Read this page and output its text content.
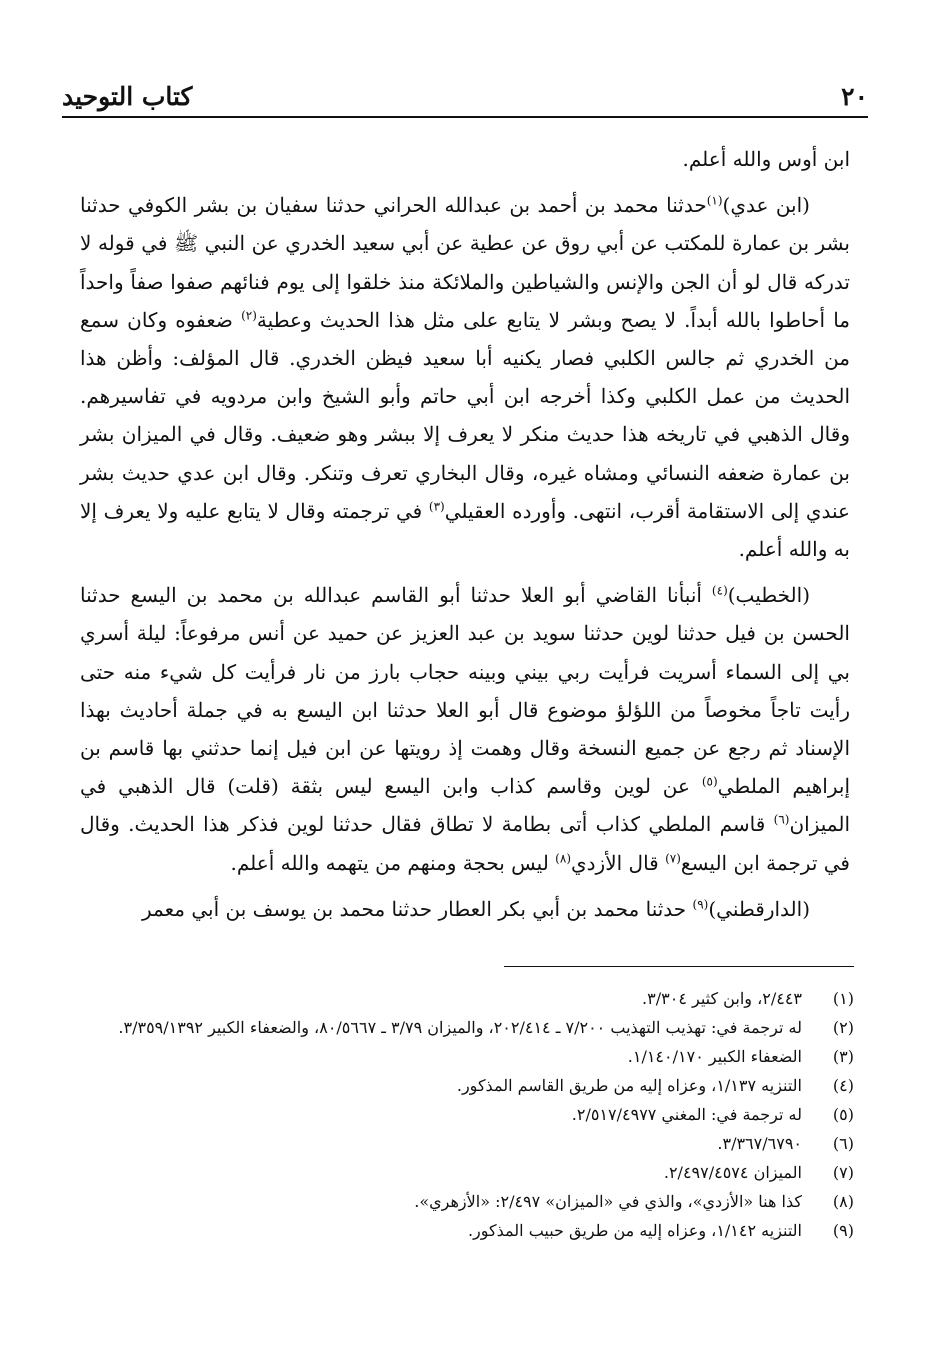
٢٠
كتاب التوحيد

ابن أوس والله أعلم.

(ابن عدي)$^{(١)}$حدثنا محمد بن أحمد بن عبدالله الحراني حدثنا سفيان بن بشر الكوفي حدثنا بشر بن عمارة للمكتب عن أبي روق عن عطية عن أبي سعيد الخدري عن النبي ﷺ في قوله لا تدركه قال لو أن الجن والإنس والشياطين والملائكة منذ خلقوا إلى يوم فنائهم صفوا صفاً واحداً ما أحاطوا بالله أبداً. لا يصح وبشر لا يتابع على مثل هذا الحديث وعطية$^{(٢)}$ ضعفوه وكان سمع من الخدري ثم جالس الكلبي فصار يكنيه أبا سعيد فيظن الخدري. قال المؤلف: وأظن هذا الحديث من عمل الكلبي وكذا أخرجه ابن أبي حاتم وأبو الشيخ وابن مردويه في تفاسيرهم. وقال الذهبي في تاريخه هذا حديث منكر لا يعرف إلا ببشر وهو ضعيف. وقال في الميزان بشر بن عمارة ضعفه النسائي ومشاه غيره، وقال البخاري تعرف وتنكر. وقال ابن عدي حديث بشر عندي إلى الاستقامة أقرب، انتهى. وأورده العقيلي$^{(٣)}$ في ترجمته وقال لا يتابع عليه ولا يعرف إلا به والله أعلم.

(الخطيب)$^{(٤)}$ أنبأنا القاضي أبو العلا حدثنا أبو القاسم عبدالله بن محمد بن اليسع حدثنا الحسن بن فيل حدثنا لوين حدثنا سويد بن عبد العزيز عن حميد عن أنس مرفوعاً: ليلة أسري بي إلى السماء أسريت فرأيت ربي بيني وبينه حجاب بارز من نار فرأيت كل شيء منه حتى رأيت تاجاً مخوصاً من اللؤلؤ موضوع قال أبو العلا حدثنا ابن اليسع به في جملة أحاديث بهذا الإسناد ثم رجع عن جميع النسخة وقال وهمت إذ رويتها عن ابن فيل إنما حدثني بها قاسم بن إبراهيم الملطي$^{(٥)}$ عن لوين وقاسم كذاب وابن اليسع ليس بثقة (قلت) قال الذهبي في الميزان$^{(٦)}$ قاسم الملطي كذاب أتى بطامة لا تطاق فقال حدثنا لوين فذكر هذا الحديث. وقال في ترجمة ابن اليسع$^{(٧)}$ قال الأزدي$^{(٨)}$ ليس بحجة ومنهم من يتهمه والله أعلم.

(الدارقطني)$^{(٩)}$ حدثنا محمد بن أبي بكر العطار حدثنا محمد بن يوسف بن أبي معمر

(١)
٢/٤٤٣، وابن كثير ٣/٣٠٤.
(٢)
له ترجمة في: تهذيب التهذيب ٧/٢٠٠ ـ ٢٠٢/٤١٤، والميزان ٣/٧٩ ـ ٨٠/٥٦٦٧، والضعفاء الكبير ٣/٣٥٩/١٣٩٢.
(٣)
الضعفاء الكبير ١/١٤٠/١٧٠.
(٤)
التنزيه ١/١٣٧، وعزاه إليه من طريق القاسم المذكور.
(٥)
له ترجمة في: المغني ٢/٥١٧/٤٩٧٧.
(٦)
٣/٣٦٧/٦٧٩٠.
(٧)
الميزان ٢/٤٩٧/٤٥٧٤.
(٨)
كذا هنا «الأزدي»، والذي في «الميزان» ٢/٤٩٧: «الأزهري».
(٩)
التنزيه ١/١٤٢، وعزاه إليه من طريق حبيب المذكور.
